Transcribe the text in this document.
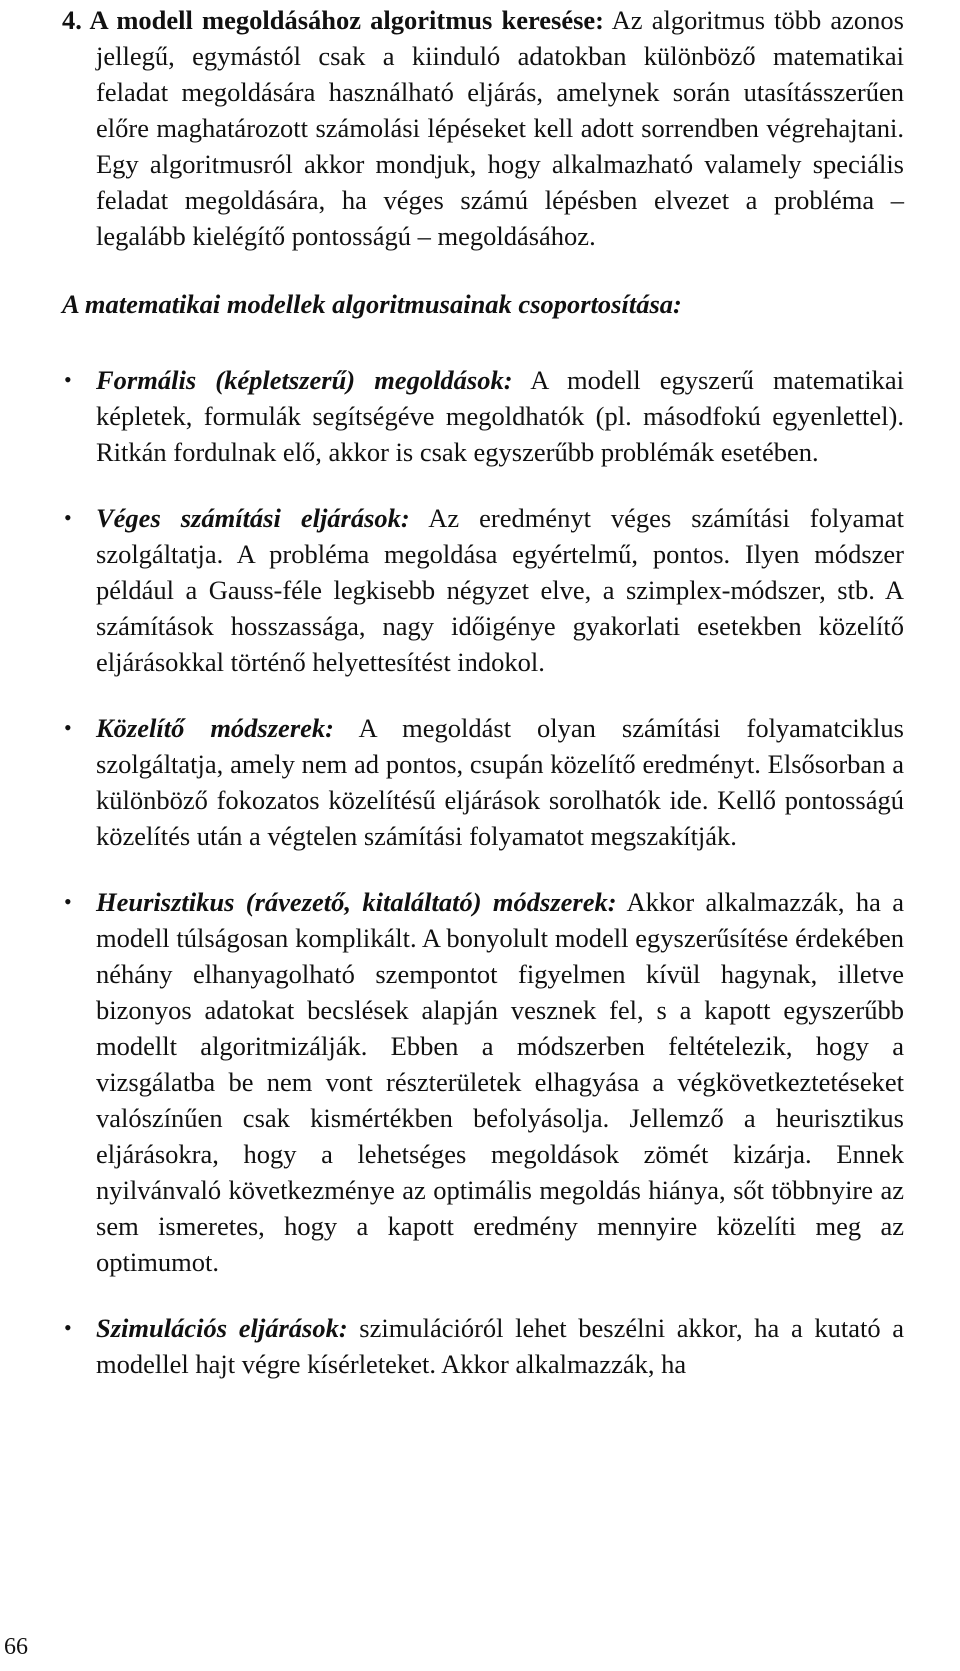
4. A modell megoldásához algoritmus keresése: Az algoritmus több azonos jellegű, egymástól csak a kiinduló adatokban különböző matematikai feladat megoldására használható eljárás, amelynek során utasításszerűen előre maghatározott számolási lépéseket kell adott sorrendben végrehajtani. Egy algoritmusról akkor mondjuk, hogy alkalmazható valamely speciális feladat megoldására, ha véges számú lépésben elvezet a probléma – legalább kielégítő pontosságú – megoldásához.

A matematikai modellek algoritmusainak csoportosítása:

• Formális (képletszerű) megoldások: A modell egyszerű matematikai képletek, formulák segítségéve megoldhatók (pl. másodfokú egyenlettel). Ritkán fordulnak elő, akkor is csak egyszerűbb problémák esetében.
• Véges számítási eljárások: Az eredményt véges számítási folyamat szolgáltatja. A probléma megoldása egyértelmű, pontos. Ilyen módszer például a Gauss-féle legkisebb négyzet elve, a szimplex-módszer, stb. A számítások hosszassága, nagy időigénye gyakorlati esetekben közelítő eljárásokkal történő helyettesítést indokol.
• Közelítő módszerek: A megoldást olyan számítási folyamatciklus szolgáltatja, amely nem ad pontos, csupán közelítő eredményt. Elsősorban a különböző fokozatos közelítésű eljárások sorolhatók ide. Kellő pontosságú közelítés után a végtelen számítási folyamatot megszakítják.
• Heurisztikus (rávezető, kitaláltató) módszerek: Akkor alkalmazzák, ha a modell túlságosan komplikált. A bonyolult modell egyszerűsítése érdekében néhány elhanyagolható szempontot figyelmen kívül hagynak, illetve bizonyos adatokat becslések alapján vesznek fel, s a kapott egyszerűbb modellt algoritmizálják. Ebben a módszerben feltételezik, hogy a vizsgálatba be nem vont részterületek elhagyása a végkövetkeztetéseket valószínűen csak kismértékben befolyásolja. Jellemző a heurisztikus eljárásokra, hogy a lehetséges megoldások zömét kizárja. Ennek nyilvánvaló következménye az optimális megoldás hiánya, sőt többnyire az sem ismeretes, hogy a kapott eredmény mennyire közelíti meg az optimumot.
• Szimulációs eljárások: szimulációról lehet beszélni akkor, ha a kutató a modellel hajt végre kísérleteket. Akkor alkalmazzák, ha
66
